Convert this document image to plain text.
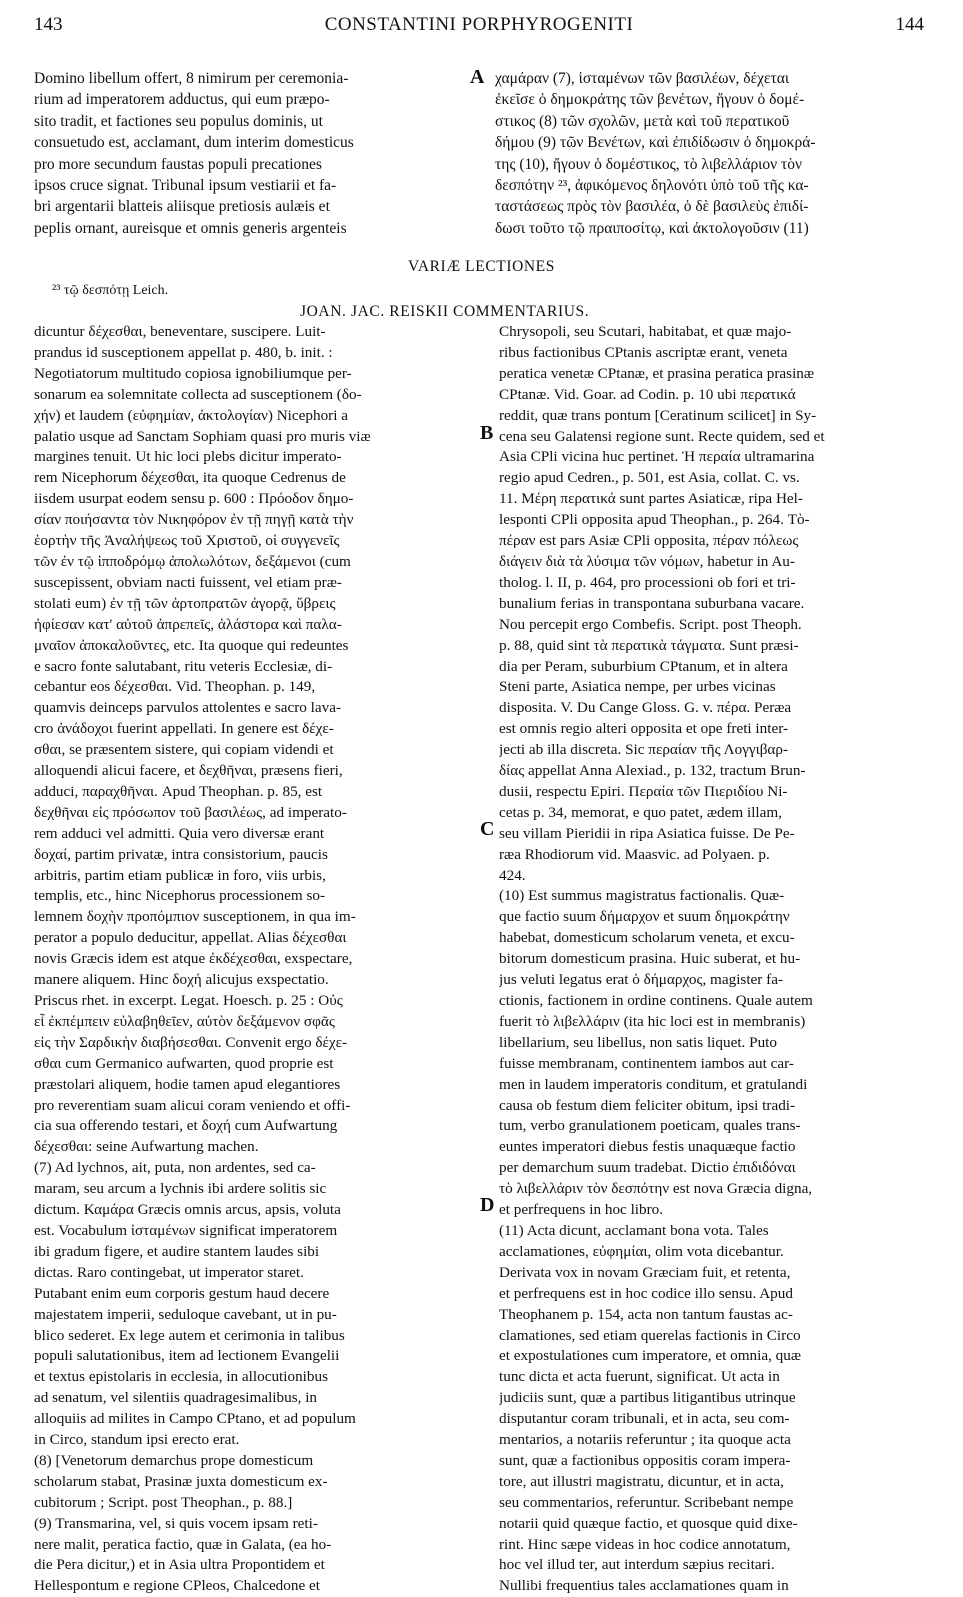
143	CONSTANTINI PORPHYROGENITI	144
Domino libellum offert, 8 nimirum per ceremonia-
rium ad imperatorem adductus, qui eum præpo-
sito tradit, et factiones seu populus dominis, ut
consuetudo est, acclamant, dum interim domesticus
pro more secundum faustas populi precationes
ipsos cruce signat. Tribunal ipsum vestiarii et fa-
bri argentarii blatteis aliisque pretiosis aulæis et
peplis ornant, aureisque et omnis generis argenteis
A χαμάραν (7), ἱσταμένων τῶν βασιλέων, δέχεται
ἐκεῖσε ὁ δημοκράτης τῶν βενέτων, ἤγουν ὁ δομέ-
στικος (8) τῶν σχολῶν, μετὰ καὶ τοῦ περατικοῦ
δήμου (9) τῶν Βενέτων, καὶ ἐπιδίδωσιν ὁ δημοκρά-
της (10), ἤγουν ὁ δομέστικος, τὸ λιβελλάριον τὸν
δεσπότην ²³, ἀφικόμενος δηλονότι ὑπὸ τοῦ τῆς κα-
ταστάσεως πρὸς τὸν βασιλέα, ὁ δὲ βασιλεὺς ἐπιδί-
δωσι τοῦτο τῷ πραιποσίτῳ, καὶ ἀκτολογοῦσιν (11)
VARIÆ LECTIONES
²³ τῷ δεσπότῃ Leich.
JOAN. JAC. REISKII COMMENTARIUS.
dicuntur δέχεσθαι, beneventare, suscipere. Luit-
prandus id susceptionem appellat p. 480, b. init. :
Negotiatorum multitudo copiosa ignobiliumque per-
sonarum ea solemnitate collecta ad susceptionem (δο-
χήν) et laudem (εὐφημίαν, ἀκτολογίαν) Nicephori a
palatio usque ad Sanctam Sophiam quasi pro muris viæ
margines tenuit. Ut hic loci plebs dicitur imperato-
rem Nicephorum δέχεσθαι, ita quoque Cedrenus de
iisdem usurpat eodem sensu p. 600 : Πρόοδον δημο-
σίαν ποιήσαντα τὸν Νικηφόρον ἐν τῇ πηγῇ κατὰ τὴν
ἑορτὴν τῆς Ἀναλήψεως τοῦ Χριστοῦ, οἱ συγγενεῖς
τῶν ἐν τῷ ἱπποδρόμῳ ἀπολωλότων, δεξάμενοι (cum
suscepissent, obviam nacti fuissent, vel etiam præ-
stolati eum) ἐν τῇ τῶν ἀρτοπρατῶν ἀγορᾷ, ὕβρεις
ἠφίεσαν κατ' αὐτοῦ ἀπρεπεῖς, ἀλάστορα καὶ παλα-
μναῖον ἀποκαλοῦντες, etc. Ita quoque qui redeuntes
e sacro fonte salutabant, ritu veteris Ecclesiæ, di-
cebantur eos δέχεσθαι. Vid. Theophan. p. 149,
quamvis deinceps parvulos attolentes e sacro lava-
cro ἀνάδοχοι fuerint appellati. In genere est δέχε-
σθαι, se præsentem sistere, qui copiam videndi et
alloquendi alicui facere, et δεχθῆναι, præsens fieri,
adduci, παραχθῆναι. Apud Theophan. p. 85, est
δεχθῆναι εἰς πρόσωπον τοῦ βασιλέως, ad imperato-
rem adduci vel admitti. Quia vero diversæ erant
δοχαί, partim privatæ, intra consistorium, paucis
arbitris, partim etiam publicæ in foro, viis urbis,
templis, etc., hinc Nicephorus processionem so-
lemnem δοχὴν προπόμπιον susceptionem, in qua im-
perator a populo deducitur, appellat. Alias δέχεσθαι
novis Græcis idem est atque ἐκδέχεσθαι, exspectare,
manere aliquem. Hinc δοχή alicujus exspectatio.
Priscus rhet. in excerpt. Legat. Hoesch. p. 25 : Οὐς
εἶ ἐκπέμπειν εὐλαβηθεῖεν, αὐτὸν δεξάμενον σφᾶς
εἰς τὴν Σαρδικὴν διαβήσεσθαι. Convenit ergo δέχε-
σθαι cum Germanico aufwarten, quod proprie est
præstolari aliquem, hodie tamen apud elegantiores
pro reverentiam suam alicui coram veniendo et offi-
cia sua offerendo testari, et δοχή cum Aufwartung
δέχεσθαι: seine Aufwartung machen.
(7) Ad lychnos, ait, puta, non ardentes, sed ca-
maram, seu arcum a lychnis ibi ardere solitis sic
dictum. Καμάρα Græcis omnis arcus, apsis, voluta
est. Vocabulum ἱσταμένων significat imperatorem
ibi gradum figere, et audire stantem laudes sibi
dictas. Raro contingebat, ut imperator staret.
Putabant enim eum corporis gestum haud decere
majestatem imperii, seduloque cavebant, ut in pu-
blico sederet. Ex lege autem et cerimonia in talibus
populi salutationibus, item ad lectionem Evangelii
et textus epistolaris in ecclesia, in allocutionibus
ad senatum, vel silentiis quadragesimalibus, in
alloquiis ad milites in Campo CPtano, et ad populum
in Circo, standum ipsi erecto erat.
(8) [Venetorum demarchus prope domesticum
scholarum stabat, Prasinæ juxta domesticum ex-
cubitorum ; Script. post Theophan., p. 88.]
(9) Transmarina, vel, si quis vocem ipsam reti-
nere malit, peratica factio, quæ in Galata, (ea ho-
die Pera dicitur,) et in Asia ultra Propontidem et
Hellespontum e regione CPleos, Chalcedone et
B
C
D
Chrysopoli, seu Scutari, habitabat, et quæ majo-
ribus factionibus CPtanis ascriptæ erant, veneta
peratica venetæ CPtanæ, et prasina peratica prasinæ
CPtanæ. Vid. Goar. ad Codin. p. 10 ubi περατικά
reddit, quæ trans pontum [Ceratinum scilicet] in Sy-
cena seu Galatensi regione sunt. Recte quidem, sed et
Asia CPli vicina huc pertinet. Ἡ περαία ultramarina
regio apud Cedren., p. 501, est Asia, collat. C. vs.
11. Μέρη περατικά sunt partes Asiaticæ, ripa Hel-
lesponti CPli opposita apud Theophan., p. 264. Τὸ-
πέραν est pars Asiæ CPli opposita, πέραν πόλεως
διάγειν διὰ τὰ λύσιμα τῶν νόμων, habetur in Au-
tholog. l. II, p. 464, pro processioni ob fori et tri-
bunalium ferias in transpontana suburbana vacare.
Nou percepit ergo Combefis. Script. post Theoph.
p. 88, quid sint τὰ περατικὰ τάγματα. Sunt præsi-
dia per Peram, suburbium CPtanum, et in altera
Steni parte, Asiatica nempe, per urbes vicinas
disposita. V. Du Cange Gloss. G. v. πέρα. Peræa
est omnis regio alteri opposita et ope freti inter-
jecti ab illa discreta. Sic περαίαν τῆς Λογγιβαρ-
δίας appellat Anna Alexiad., p. 132, tractum Brun-
dusii, respectu Epiri. Περαία τῶν Πιεριδίου Ni-
cetas p. 34, memorat, e quo patet, ædem illam,
seu villam Pieridii in ripa Asiatica fuisse. De Pe-
ræa Rhodiorum vid. Maasvic. ad Polyaen. p.
424.
(10) Est summus magistratus factionalis. Quæ-
que factio suum δήμαρχον et suum δημοκράτην
habebat, domesticum scholarum veneta, et excu-
bitorum domesticum prasina. Huic suberat, et hu-
jus veluti legatus erat ὁ δήμαρχος, magister fa-
ctionis, factionem in ordine continens. Quale autem
fuerit τὸ λιβελλάριν (ita hic loci est in membranis)
libellarium, seu libellus, non satis liquet. Puto
fuisse membranam, continentem iambos aut car-
men in laudem imperatoris conditum, et gratulandi
causa ob festum diem feliciter obitum, ipsi tradi-
tum, verbo granulationem poeticam, quales trans-
euntes imperatori diebus festis unaquæque factio
per demarchum suum tradebat. Dictio ἐπιδιδόναι
τὸ λιβελλάριν τὸν δεσπότην est nova Græcia digna,
et perfrequens in hoc libro.
(11) Acta dicunt, acclamant bona vota. Tales
acclamationes, εὐφημίαι, olim vota dicebantur.
Derivata vox in novam Græciam fuit, et retenta,
et perfrequens est in hoc codice illo sensu. Apud
Theophanem p. 154, acta non tantum faustas ac-
clamationes, sed etiam querelas factionis in Circo
et expostulationes cum imperatore, et omnia, quæ
tunc dicta et acta fuerunt, significat. Ut acta in
judiciis sunt, quæ a partibus litigantibus utrinque
disputantur coram tribunali, et in acta, seu com-
mentarios, a notariis referuntur ; ita quoque acta
sunt, quæ a factionibus oppositis coram impera-
tore, aut illustri magistratu, dicuntur, et in acta,
seu commentarios, referuntur. Scribebant nempe
notarii quid quæque factio, et quosque quid dixe-
rint. Hinc sæpe videas in hoc codice annotatum,
hoc vel illud ter, aut interdum sæpius recitari.
Nullibi frequentius tales acclamationes quam in
